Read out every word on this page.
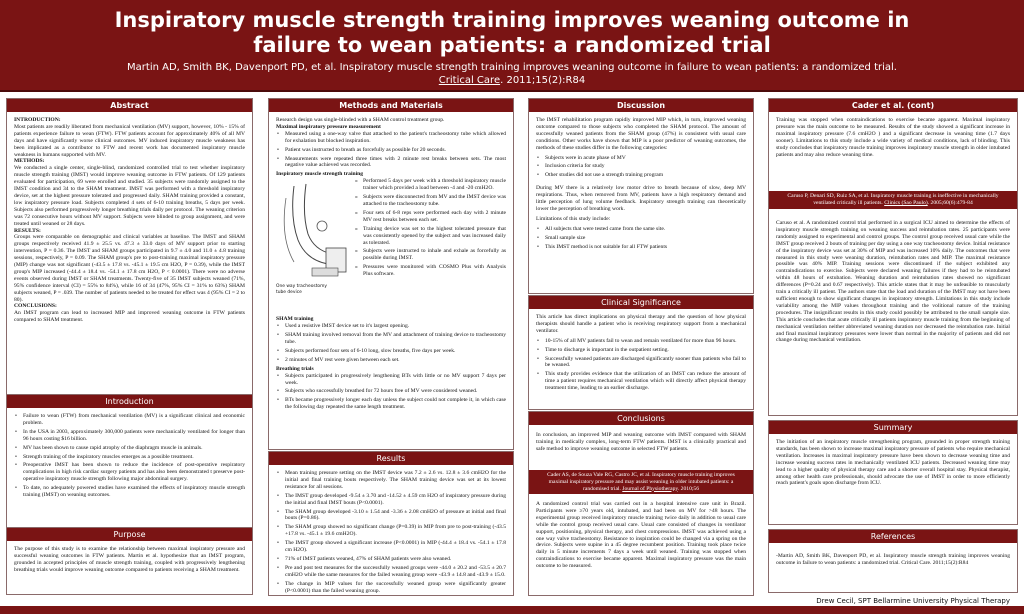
Inspiratory muscle strength training improves weaning outcome in
failure to wean patients: a randomized trial
Martin AD, Smith BK, Davenport PD, et al. Inspiratory muscle strength training improves weaning outcome in failure to wean patients: a randomized trial.
Critical Care. 2011;15(2):R84
Abstract
INTRODUCTION:
Most patients are readily liberated from mechanical ventilation (MV) support, however, 10% - 15% of patients experience failure to wean (FTW). FTW patients account for approximately 40% of all MV days and have significantly worse clinical outcomes. MV induced inspiratory muscle weakness has been implicated as a contributor to FTW and recent work has documented inspiratory muscle weakness in humans supported with MV.
METHODS:
We conducted a single center, single-blind, randomized controlled trial to test whether inspiratory muscle strength training (IMST) would improve weaning outcome in FTW patients. Of 129 patients evaluated for participation, 69 were enrolled and studied. 35 subjects were randomly assigned to the IMST condition and 34 to the SHAM treatment. IMST was performed with a threshold inspiratory device, set at the highest pressure tolerated and progressed daily. SHAM training provided a constant, low inspiratory pressure load. Subjects completed 4 sets of 6-10 training breaths, 5 days per week. Subjects also performed progressively longer breathing trials daily per protocol. The weaning criterion was 72 consecutive hours without MV support. Subjects were blinded to group assignment, and were treated until weaned or 28 days.
RESULTS:
Groups were comparable on demographic and clinical variables at baseline. The IMST and SHAM groups respectively received 41.9 ± 25.5 vs. 47.3 ± 33.0 days of MV support prior to starting intervention, P = 0.36. The IMST and SHAM groups participated in 9.7 ± 4.0 and 11.0 ± 4.8 training sessions, respectively, P = 0.09. The SHAM group's pre to post-training maximal inspiratory pressure (MIP) change was not significant (-43.5 ± 17.8 vs. -45.1 ± 19.5 cm H2O, P = 0.39), while the IMST group's MIP increased (-44.4 ± 18.4 vs. -54.1 ± 17.8 cm H2O, P < 0.0001). There were no adverse events observed during IMST or SHAM treatments. Twenty-five of 35 IMST subjects weaned (71%, 95% confidence interval (CI) = 55% to 84%), while 16 of 34 (47%, 95% CI = 31% to 63%) SHAM subjects weaned, P = .039. The number of patients needed to be treated for effect was 4 (95% CI = 2 to 80).
CONCLUSIONS:
An IMST program can lead to increased MIP and improved weaning outcome in FTW patients compared to SHAM treatment.
Introduction
• Failure to wean (FTW) from mechanical ventilation (MV) is a significant clinical and economic problem.
• In the USA in 2003, approximately 300,000 patients were mechanically ventilated for longer than 96 hours costing $16 billion.
• MV has been shown to cause rapid atrophy of the diaphragm muscle in animals.
• Strength training of the inspiratory muscles emerges as a possible treatment.
• Preoperative IMST has been shown to reduce the incidence of post-operative respiratory complications in high risk cardiac surgery patients and has also been demonstrated t preserve post-operative inspiratory muscle strength following major abdominal surgery.
• To date, no adequately powered studies have examined the effects of inspiratory muscle strength training (IMST) on weaning outcomes.
Purpose
The purpose of this study is to examine the relationship between maximal inspiratory pressure and successful weaning outcomes in FTW patients. Martin et al. hypothesize that an IMST program, grounded in accepted principles of muscle strength training, coupled with progressively lengthening breathing trials would improve weaning outcome compared to patients receiving a SHAM treatment.
Methods and Materials
Research design was single-blinded with a SHAM control treatment group.
Maximal inspiratory pressure measurement
• Measured using a one-way valve that attached to the patient's tracheostomy tube which allowed for exhalation but blocked inspiration.
• Patient was instructed to breath as forcefully as possible for 20 seconds.
• Measurements were repeated three times with 2 minute rest breaks between sets. The most negative value achieved was recorded.
Inspiratory muscle strength training
One way tracheostomy
tube device
» Performed 5 days per week with a threshold inspiratory muscle trainer which provided a load between -4 and -20 cmH2O.
» Subjects were disconnected from MV and the IMST device was attached to the tracheostomy tube.
» Four sets of 6-8 reps were performed each day with 2 minute MV rest breaks between each set.
» Training device was set to the highest tolerated pressure that was consistently opened by the subject and was increased daily as tolerated.
» Subjects were instructed to inhale and exhale as forcefully as possible during IMST.
» Pressures were monitored with COSMO Plus with Analysis Plus software.
SHAM training
• Used a resistive IMST device set to it's largest opening.
• SHAM training involved removal from the MV and attachment of training device to tracheostomy tube.
• Subjects performed four sets of 6-10 long, slow breaths, five days per week.
• 2 minutes of MV rest were given between each set.
Breathing trials
• Subjects participated in progressively lengthening BTs with little or no MV support 7 days per week.
• Subjects who successfully breathed for 72 hours free of MV were considered weaned.
• BTs became progressively longer each day unless the subject could not complete it, in which case the following day repeated the same length treatment.
Results
• Mean training pressure setting on the IMST device was 7.2 ± 2.6 vs. 12.8 ± 3.6 cmH2O for the initial and final training bouts respectively. The SHAM training device was set at its lowest resistance for all sessions.
• The IMST group developed -9.54 ± 3.70 and -14.52 ± 4.59 cm H2O of inspiratory pressure during the initial and final IMST bouts (P<0.0001).
• The SHAM group developed -3.10 ± 1.54 and -3.36 ± 2.08 cmH2O of pressure at initial and final bouts (P=0.86).
• The SHAM group showed no significant change (P=0.39) in MIP from pre to post-training (-43.5 +17.8 vs. -45.1 ± 19.6 cmH2O).
• The IMST group showed a significant increase (P<0.0001) in MIP (-44.4 ± 18.4 vs. -54.1 ± 17.8 cm H2O).
• 71% of IMST patients weaned, 47% of SHAM patients were also weaned.
• Pre and post test measures for the successfully weaned groups were -44.0 ± 20.2 and -53.5 ± 20.7 cmH2O while the same measures for the failed weaning group were -43.9 ± 14.8 and -43.9 ± 15.0.
• The change in MIP values for the successfully weaned group were significantly greater (P<0.0001) than the failed weaning group.
Discussion
The IMST rehabilitation program rapidly improved MIP which, in turn, improved weaning outcome compared to those subjects who completed the SHAM protocol. The amount of successfully weaned patients from the SHAM group (47%) is consistent with usual care conditions. Other works have shown that MIP is a poor predictor of weaning outcomes, the methods of these studies differ in the following categories:
• Subjects were in acute phase of MV
• Inclusion criteria for study
• Other studies did not use a strength training program
During MV there is a relatively low motor drive to breath because of slow, deep MV respirations. Thus, when removed from MV, patients have a high respiratory demand and little perception of lung volume feedback. Inspiratory strength training can theoretically lower the perception of breathing work.
Limitations of this study include:
• All subjects that were tested came from the same site.
• Small sample size
• This IMST method is not suitable for all FTW patients
Clinical Significance
This article has direct implications on physical therapy and the question of how physical therapists should handle a patient who is receiving respiratory support from a mechanical ventilator.
• 10-15% of all MV patients fail to wean and remain ventilated for more than 96 hours.
• Time to discharge is important in the outpatient setting.
• Successfully weaned patients are discharged significantly sooner than patients who fail to be weaned.
• This study provides evidence that the utilization of an IMST can reduce the amount of time a patient requires mechanical ventilation which will directly affect physical therapy treatment time, leading to an earlier discharge.
Conclusions
In conclusion, an improved MIP and weaning outcome with IMST compared with SHAM training in medically complex, long-term FTW patients. IMST is a clinically practical and safe method to improve weaning outcome in selected FTW patients.
Cader AS, de Souza Vale RG, Castro JC, et al. Inspiratory muscle training improves maximal inspiratory pressure and may assist weaning in older intubated patients: a randomised trial. Journal of Physiotherapy. 2010;56
A randomized control trial was carried out in a hospital intensive care unit in Brazil. Participants were ≥70 years old, intubated, and had been on MV for >48 hours. The experimental group received inspiratory muscle training twice daily in addition to usual care while the control group received usual care. Usual care consisted of changes in ventilator support, positioning, physical therapy, and chest compressions. IMST was achieved using a one way valve tracheostomy. Resistance to inspiration could be changed via a spring on the device. Subjects were supine in a 45 degree recumbent position. Training took place twice daily in 5 minute increments 7 days a week until weaned. Training was stopped when contraindications to exercise became apparent. Maximal inspiratory pressure was the main outcome to be measured.
Cader et al. (cont)
Training was stopped when contraindications to exercise became apparent. Maximal inspiratory pressure was the main outcome to be measured. Results of the study showed a significant increase in maximal inspiratory pressure (7.6 cmH2O ) and a significant decrease in weaning time (1.7 days sooner). Limitations to this study include a wide variety of medical conditions, lack of blinding. This study concludes that inspiratory muscle training improves inspiratory muscle strength in older intubated patients and may also reduce weaning time.
Caruso P, Denari SD, Ruiz SA, et al. Inspiratory muscle training is ineffective in mechanically ventilated critically ill patients. Clinics (Sao Paulo). 2005;60(6):479-84
Caruso et al. A randomized control trial performed in a surgical ICU aimed to determine the effects of inspiratory muscle strength training on weaning success and reintubation rates. 25 participants were randomly assigned to experimental and control groups. The control group received usual care while the IMST group received 2 bouts of training per day using a one way tracheostomy device. Initial resistance of the inspiratory device was set at 30% of MIP and was increased 10% daily. The outcomes that were measured in this study were weaning duration, reintubation rates and MIP. The maximal resistance possible was 40% MIP. Training sessions were discontinued if the subject exhibited any contraindications to exercise. Subjects were declared weaning failures if they had to be reintubated within 48 hours of extubation. Weaning duration and reintubation rates showed no significant differences (P=0.24 and 0.67 respectively). This article states that it may be unfeasible to muscularly train a critically ill patient. The authors state that the load and duration of the IMST may not have been sufficient enough to show significant changes in inspiratory strength. Limitations in this study include variability among the MIP values throughout training and the volitional nature of the training procedures. The insignificant results in this study could possibly be attributed to the small sample size. This article concludes that acute critically ill patients inspiratory muscle training from the beginning of mechanical ventilation neither abbreviated weaning duration nor decreased the reintubation rate. Initial and final maximal inspiratory pressures were lower than normal in the majority of patients and did not change during mechanical ventilation.
Summary
The initiation of an inspiratory muscle strengthening program, grounded in proper strength training standards, has been shown to increase maximal inspiratory pressure of patients who require mechanical ventilation. Increases in maximal inspiratory pressure have been shown to decrease weaning time and increase weaning success rates in mechanically ventilated ICU patients. Decreased weaning time may lead to a higher quality of physical therapy care and a shorter overall hospital stay. Physical therapist, among other health care professionals, should advocate the use of IMST in order to more efficiently reach patient's goals upon discharge from ICU.
References
-Martin AD, Smith BK, Davenport PD, et al. Inspiratory muscle strength training improves weaning outcome in failure to wean patients: a randomized trial. Critical Care. 2011;15(2):R84
Drew Cecil, SPT Bellarmine University Physical Therapy
